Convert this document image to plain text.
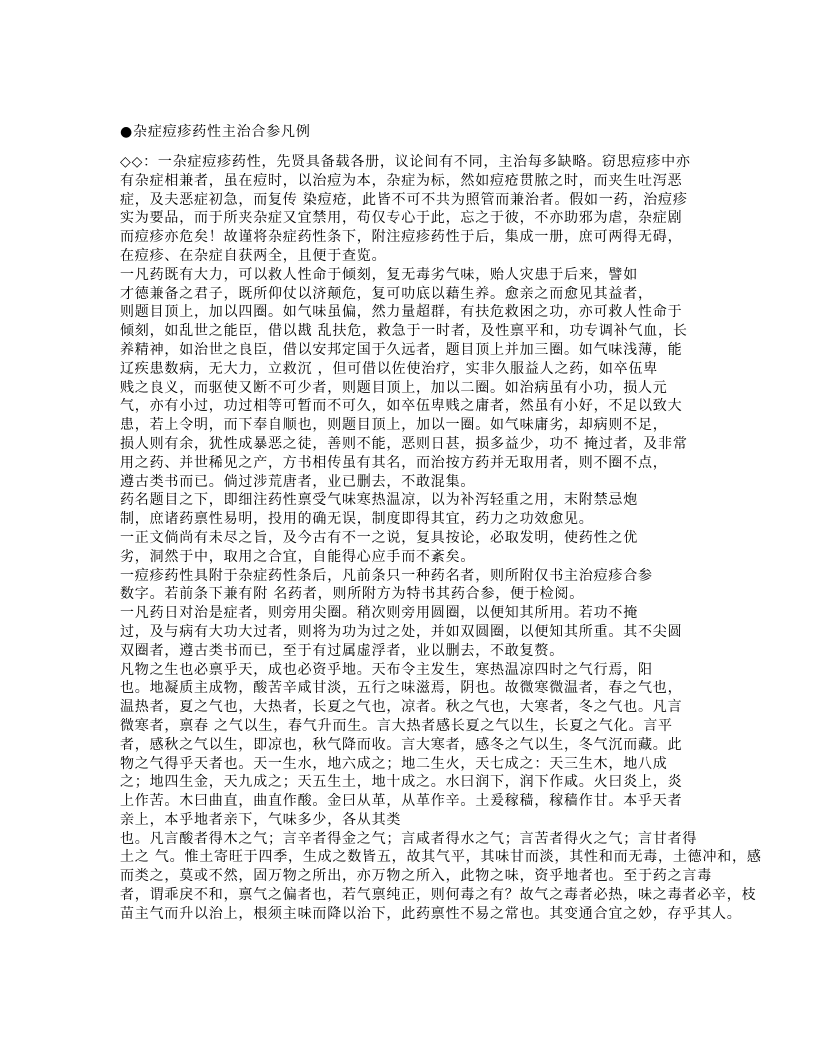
●杂症痘疹药性主治合参凡例
◇◇：一杂症痘疹药性，先贤具备载各册，议论间有不同，主治每多缺略。窃思痘疹中亦
有杂症相兼者，虽在痘时，以治痘为本，杂症为标，然如痘疮贯脓之时，而夹生吐泻恶
症，及夫恶症初急，而复传 染痘疮，此皆不可不共为照管而兼治者。假如一药，治痘疹
实为要品，而于所夹杂症又宜禁用，苟仅专心于此，忘之于彼，不亦助邪为虐，杂症剧
而痘疹亦危矣！故谨将杂症药性条下，附注痘疹药性于后，集成一册，庶可两得无碍，
在痘疹、在杂症自获两全，且便于查览。
一凡药既有大力，可以救人性命于倾刻，复无毒劣气味，贻人灾患于后来，譬如
才德兼备之君子，既所仰仗以济颠危，复可叻底以藉生养。愈亲之而愈见其益者，
则题目顶上，加以四圈。如气味虽偏，然力量超群，有扶危救困之功，亦可救人性命于
倾刻，如乱世之能臣，借以戡 乱扶危，救急于一时者，及性禀平和，功专调补气血，长
养精神，如治世之良臣，借以安邦定国于久远者，题目顶上并加三圈。如气味浅薄，能
辽疾患数病，无大力，立救沉 ，但可借以佐使治疗，实非久服益人之药，如卒伍卑
贱之良义，而驱使又断不可少者，则题目顶上，加以二圈。如治病虽有小功，损人元
气，亦有小过，功过相等可暂而不可久，如卒伍卑贱之庸者，然虽有小好，不足以致大
患，若上令明，而下奉自顺也，则题目顶上，加以一圈。如气味庸劣，却病则不足，
损人则有余，犹性成暴恶之徒，善则不能，恶则日甚，损多益少，功不 掩过者，及非常
用之药、并世稀见之产，方书相传虽有其名，而治按方药并无取用者，则不圈不点，
遵古类书而已。倘过涉荒唐者，业已删去，不敢混集。
药名题目之下，即细注药性禀受气味寒热温凉，以为补泻轻重之用，末附禁忌炮
制，庶诸药禀性易明，投用的确无误，制度即得其宜，药力之功效愈见。
一正文倘尚有未尽之旨，及今古有不一之说，复具按论，必取发明，使药性之优
劣，洞然于中，取用之合宜，自能得心应手而不紊矣。
一痘疹药性具附于杂症药性条后，凡前条只一种药名者，则所附仅书主治痘疹合参
数字。若前条下兼有附 名药者，则所附方为特书其药合参，便于检阅。
一凡药日对治是症者，则旁用尖圈。稍次则旁用圆圈，以便知其所用。若功不掩
过，及与病有大功大过者，则将为功为过之处，并如双圆圈，以便知其所重。其不尖圆
双圈者，遵古类书而已，至于有过属虚浮者，业以删去，不敢复赘。
凡物之生也必禀乎天，成也必资乎地。天布令主发生，寒热温凉四时之气行焉，阳
也。地凝质主成物，酸苦辛咸甘淡，五行之味滋焉，阴也。故微寒微温者，春之气也，
温热者，夏之气也，大热者，长夏之气也，凉者。秋之气也，大寒者，冬之气也。凡言
微寒者，禀春 之气以生，春气升而生。言大热者感长夏之气以生，长夏之气化。言平
者，感秋之气以生，即凉也，秋气降而收。言大寒者，感冬之气以生，冬气沉而藏。此
物之气得乎天者也。天一生水，地六成之；地二生火，天七成之：天三生木，地八成
之；地四生金，天九成之；天五生土，地十成之。水曰润下，润下作咸。火曰炎上，炎
上作苦。木曰曲直，曲直作酸。金曰从革，从革作辛。土爰稼穑，稼穑作甘。本乎天者
亲上，本乎地者亲下，气味多少，各从其类
也。凡言酸者得木之气；言辛者得金之气；言咸者得水之气；言苦者得火之气；言甘者得
土之 气。惟土寄旺于四季，生成之数皆五，故其气平，其味甘而淡，其性和而无毒，土德冲和，感
而类之，莫或不然，固万物之所出，亦万物之所入，此物之味，资乎地者也。至于药之言毒
者，谓乖戾不和，禀气之偏者也，若气禀纯正，则何毒之有？故气之毒者必热，味之毒者必辛，枝
苗主气而升以治上，根须主味而降以治下，此药禀性不易之常也。其变通合宜之妙，存乎其人。
